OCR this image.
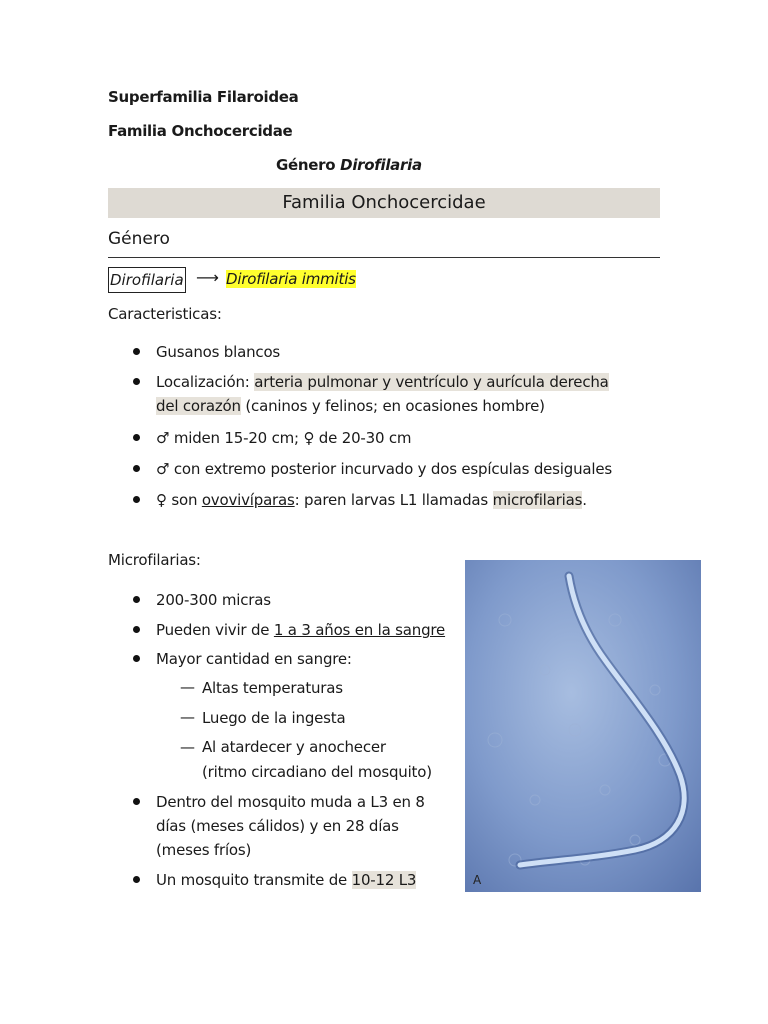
Superfamilia Filaroidea
Familia Onchocercidae
Género Dirofilaria
Familia Onchocercidae
Género
Dirofilaria ⟶ Dirofilaria immitis
Caracteristicas:
Gusanos blancos
Localización: arteria pulmonar y ventrículo y aurícula derecha
del corazón (caninos y felinos; en ocasiones hombre)
♂ miden 15-20 cm; ♀ de 20-30 cm
♂ con extremo posterior incurvado y dos espículas desiguales
♀ son ovovivíparas: paren larvas L1 llamadas microfilarias.
Microfilarias:
200-300 micras
Pueden vivir de 1 a 3 años en la sangre
Mayor cantidad en sangre:
— Altas temperaturas
— Luego de la ingesta
— Al atardecer y anochecer
(ritmo circadiano del mosquito)
Dentro del mosquito muda a L3 en 8
días (meses cálidos) y en 28 días
(meses fríos)
Un mosquito transmite de 10-12 L3	A
